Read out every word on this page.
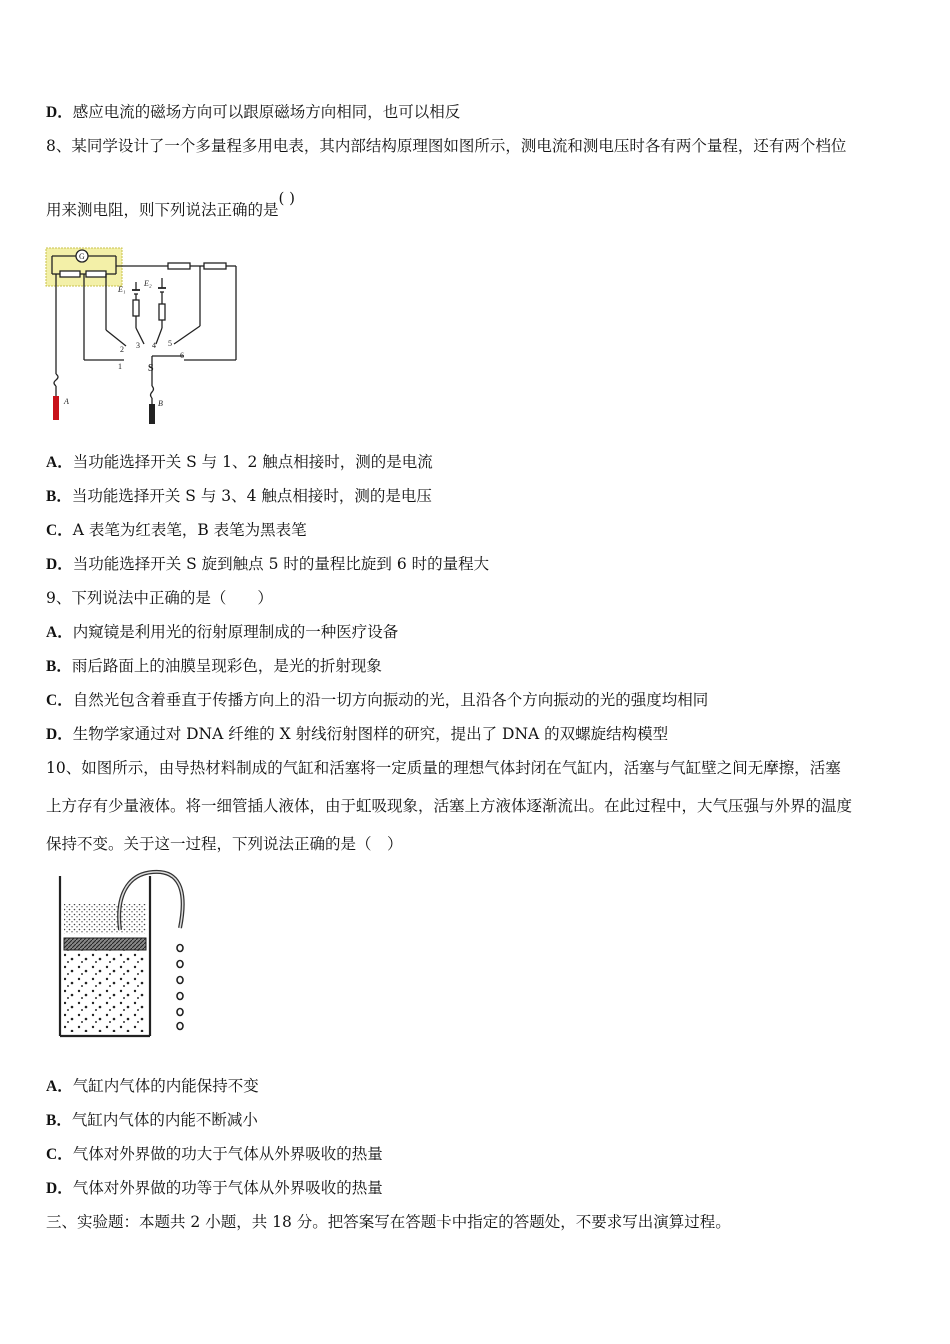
D．感应电流的磁场方向可以跟原磁场方向相同，也可以相反
8、某同学设计了一个多量程多用电表，其内部结构原理图如图所示，测电流和测电压时各有两个量程，还有两个档位
用来测电阻，则下列说法正确的是( )
G
E₁
E₂
1
2 3 4 5
6
S
A	B
A．当功能选择开关 S 与 1、2 触点相接时，测的是电流
B．当功能选择开关 S 与 3、4 触点相接时，测的是电压
C．A 表笔为红表笔，B 表笔为黑表笔
D．当功能选择开关 S 旋到触点 5 时的量程比旋到 6 时的量程大
9、下列说法中正确的是（　　）
A．内窥镜是利用光的衍射原理制成的一种医疗设备
B．雨后路面上的油膜呈现彩色，是光的折射现象
C．自然光包含着垂直于传播方向上的沿一切方向振动的光，且沿各个方向振动的光的强度均相同
D．生物学家通过对 DNA 纤维的 X 射线衍射图样的研究，提出了 DNA 的双螺旋结构模型
10、如图所示，由导热材料制成的气缸和活塞将一定质量的理想气体封闭在气缸内，活塞与气缸壁之间无摩擦，活塞
上方存有少量液体。将一细管插人液体，由于虹吸现象，活塞上方液体逐渐流出。在此过程中，大气压强与外界的温度
保持不变。关于这一过程，下列说法正确的是（　）
A．气缸内气体的内能保持不变
B．气缸内气体的内能不断减小
C．气体对外界做的功大于气体从外界吸收的热量
D．气体对外界做的功等于气体从外界吸收的热量
三、实验题：本题共 2 小题，共 18 分。把答案写在答题卡中指定的答题处，不要求写出演算过程。
